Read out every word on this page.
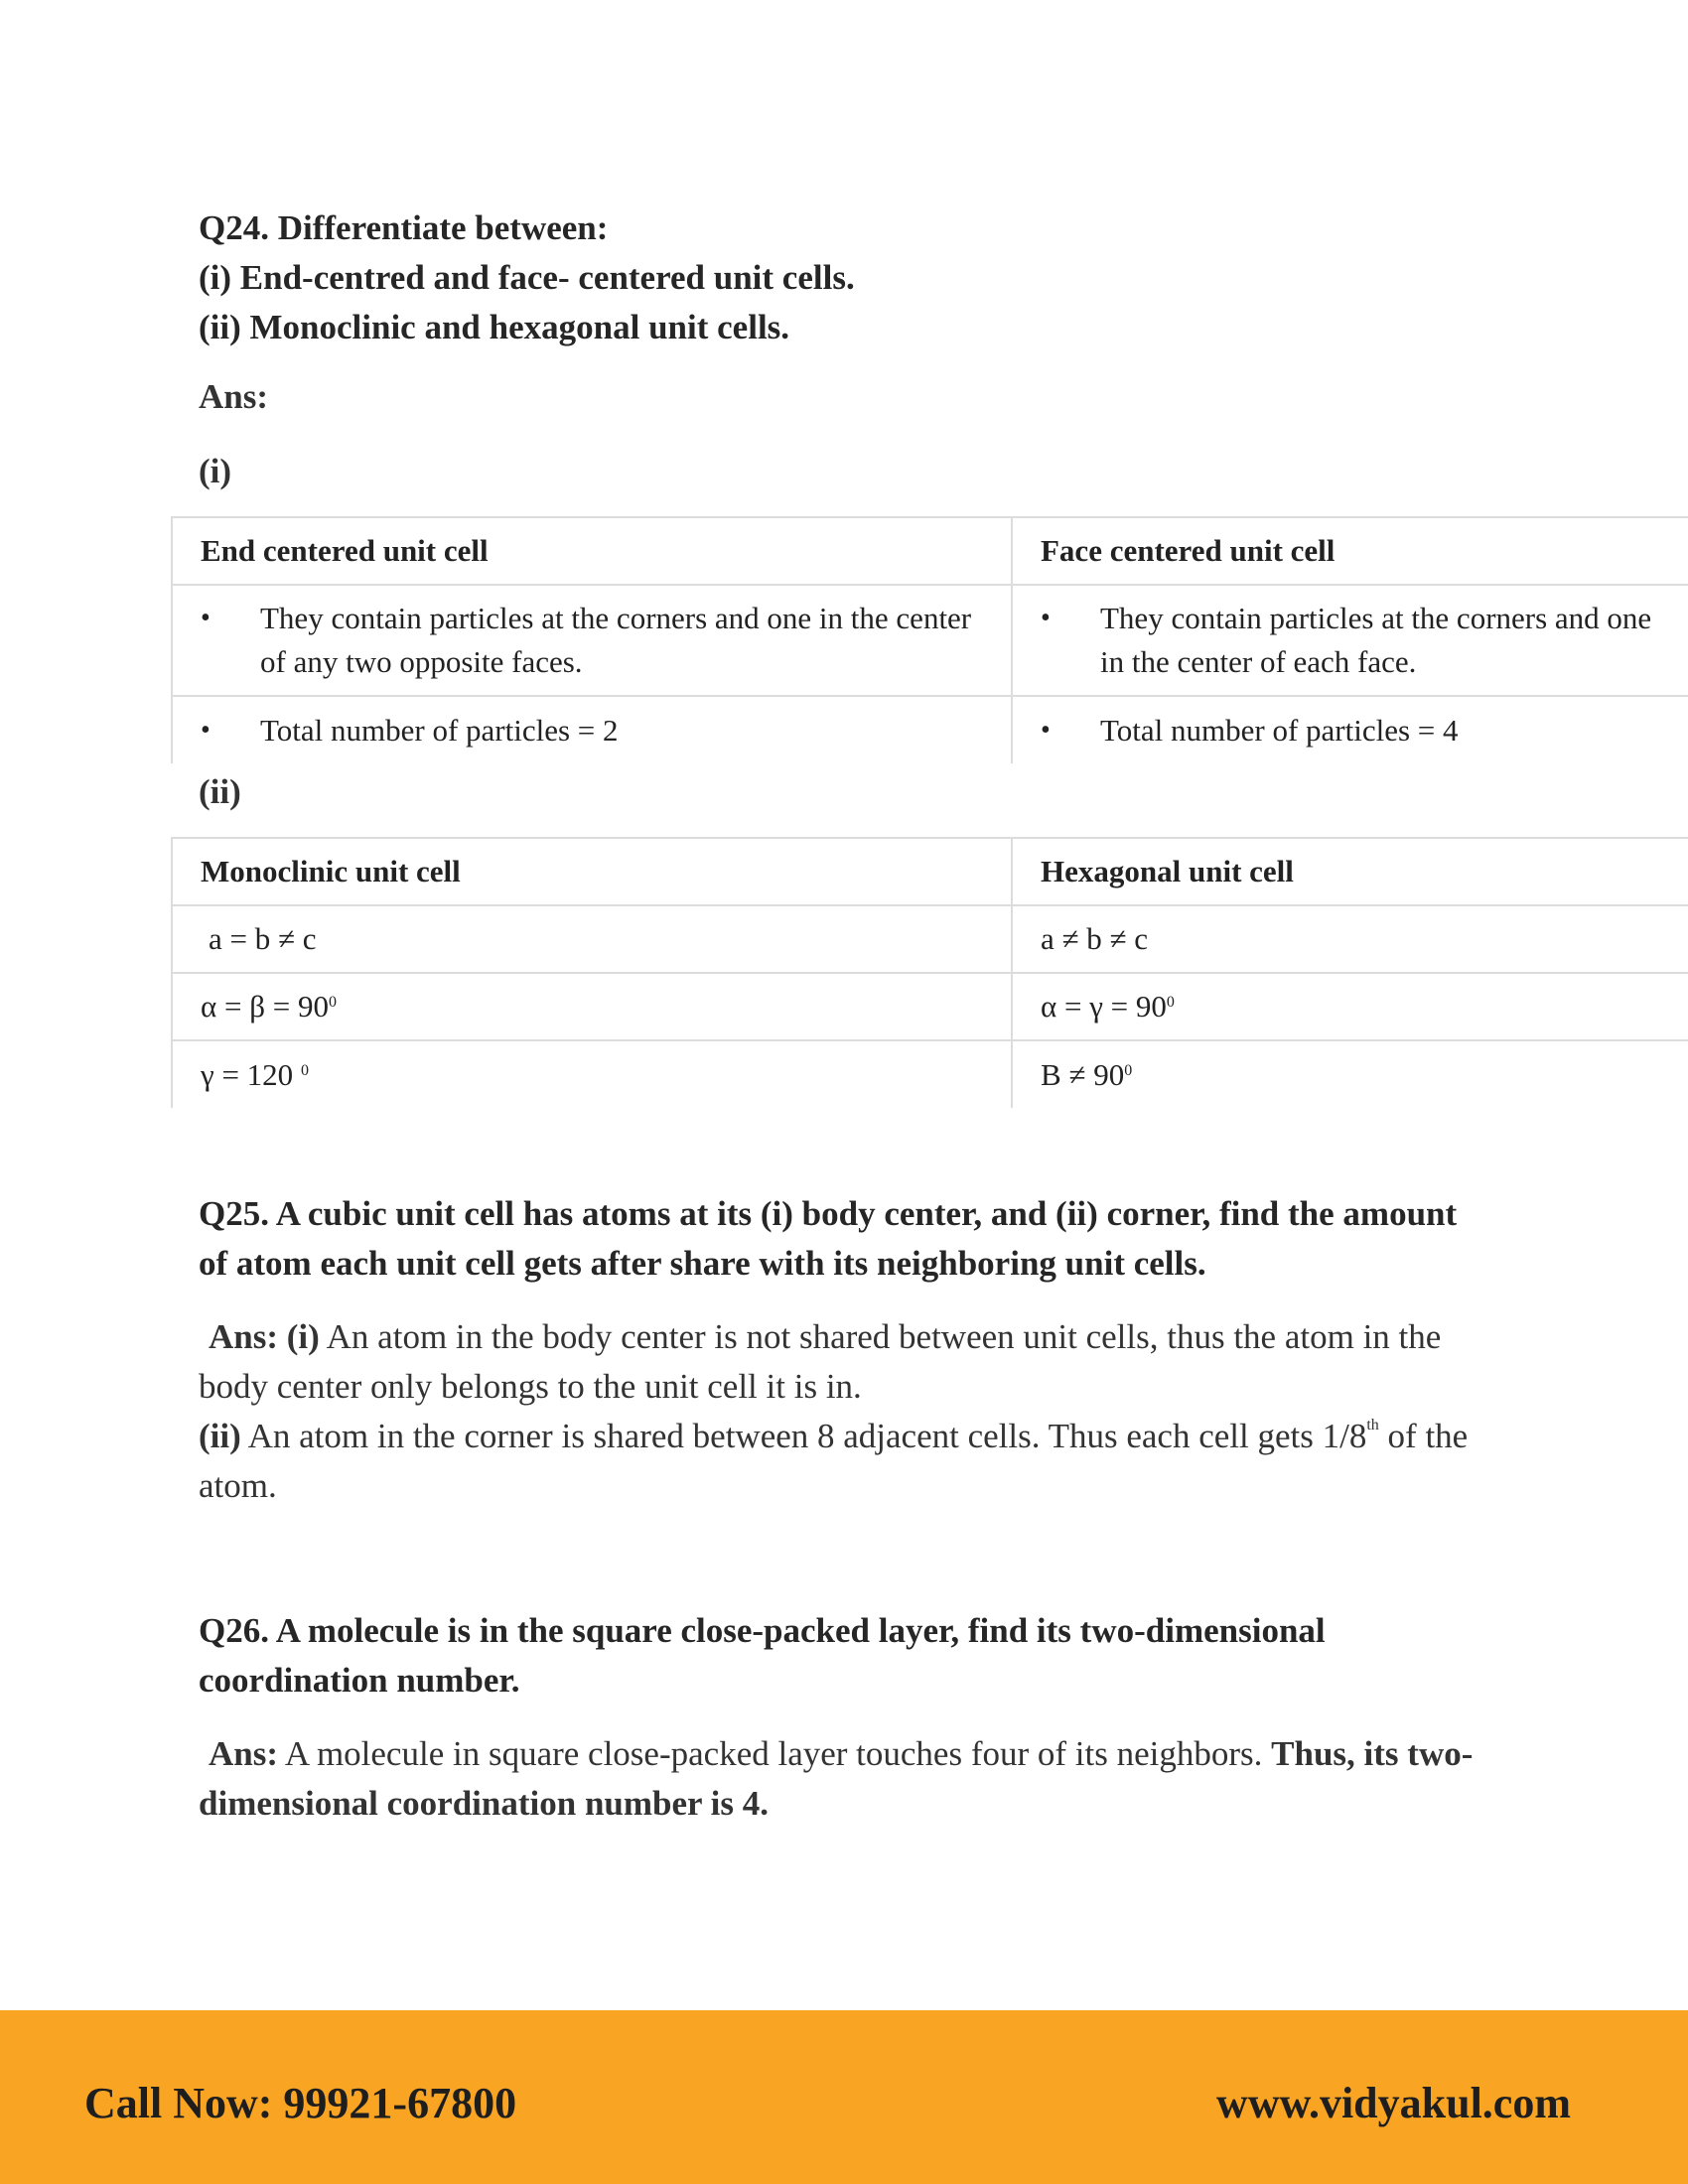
Q24. Differentiate between:
(i) End-centred and face- centered unit cells.
(ii) Monoclinic and hexagonal unit cells.
Ans:
(i)
End centered unit cell	Face centered unit cell

• They contain particles at the corners and one in the center of any two opposite faces.	• They contain particles at the corners and one in the center of each face.

• Total number of particles = 2	• Total number of particles = 4
(ii)
Monoclinic unit cell	Hexagonal unit cell
a = b ≠ c	a ≠ b ≠ c
$\alpha = \beta = 90^0$	$\alpha = \gamma = 90^0$
γ = 120 $^0$	$B \ne 90^0$
Q25. A cubic unit cell has atoms at its (i) body center, and (ii) corner, find the amount of atom each unit cell gets after share with its neighboring unit cells.
Ans: (i) An atom in the body center is not shared between unit cells, thus the atom in the body center only belongs to the unit cell it is in.
(ii) An atom in the corner is shared between 8 adjacent cells. Thus each cell gets 1/8th of the atom.
Q26. A molecule is in the square close-packed layer, find its two-dimensional coordination number.
Ans: A molecule in square close-packed layer touches four of its neighbors. Thus, its two-dimensional coordination number is 4.
Call Now: 99921-67800	www.vidyakul.com
